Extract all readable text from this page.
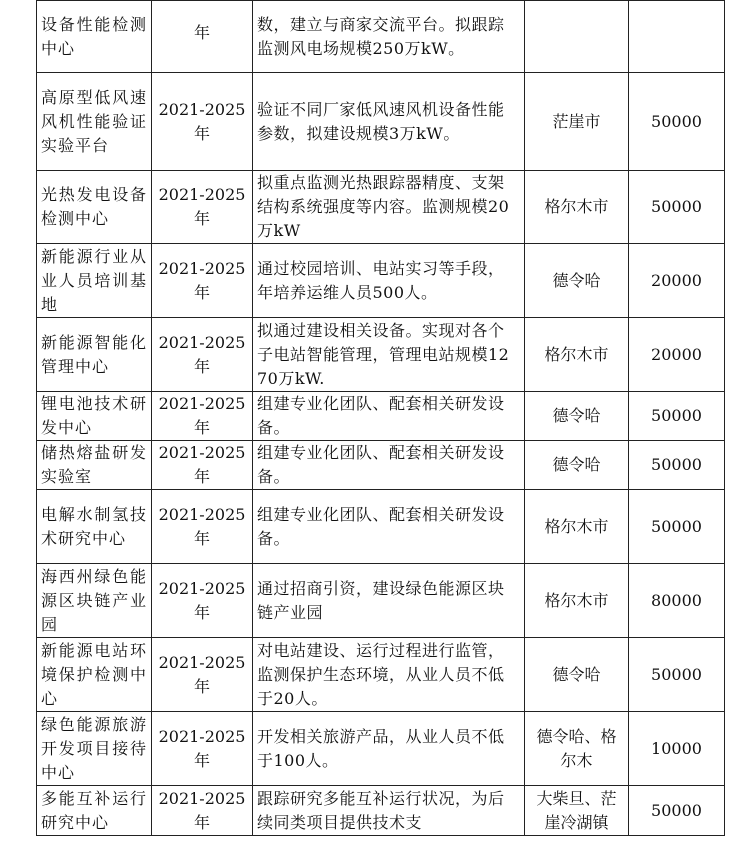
设备性能检测中心	年	数，建立与商家交流平台。拟跟踪监测风电场规模250万kW。		
高原型低风速风机性能验证实验平台	2021-2025年	验证不同厂家低风速风机设备性能参数，拟建设规模3万kW。	茫崖市	50000
光热发电设备检测中心	2021-2025年	拟重点监测光热跟踪器精度、支架结构系统强度等内容。监测规模20万kW	格尔木市	50000
新能源行业从业人员培训基地	2021-2025年	通过校园培训、电站实习等手段，年培养运维人员500人。	德令哈	20000
新能源智能化管理中心	2021-2025年	拟通过建设相关设备。实现对各个子电站智能管理，管理电站规模1270万kW.	格尔木市	20000
锂电池技术研发中心	2021-2025年	组建专业化团队、配套相关研发设备。	德令哈	50000
储热熔盐研发实验室	2021-2025年	组建专业化团队、配套相关研发设备。	德令哈	50000
电解水制氢技术研究中心	2021-2025年	组建专业化团队、配套相关研发设备。	格尔木市	50000
海西州绿色能源区块链产业园	2021-2025年	通过招商引资，建设绿色能源区块链产业园	格尔木市	80000
新能源电站环境保护检测中心	2021-2025年	对电站建设、运行过程进行监管，监测保护生态环境，从业人员不低于20人。	德令哈	50000
绿色能源旅游开发项目接待中心	2021-2025年	开发相关旅游产品，从业人员不低于100人。	德令哈、格尔木	10000
多能互补运行研究中心	2021-2025年	跟踪研究多能互补运行状况，为后续同类项目提供技术支	大柴旦、茫崖冷湖镇	50000
